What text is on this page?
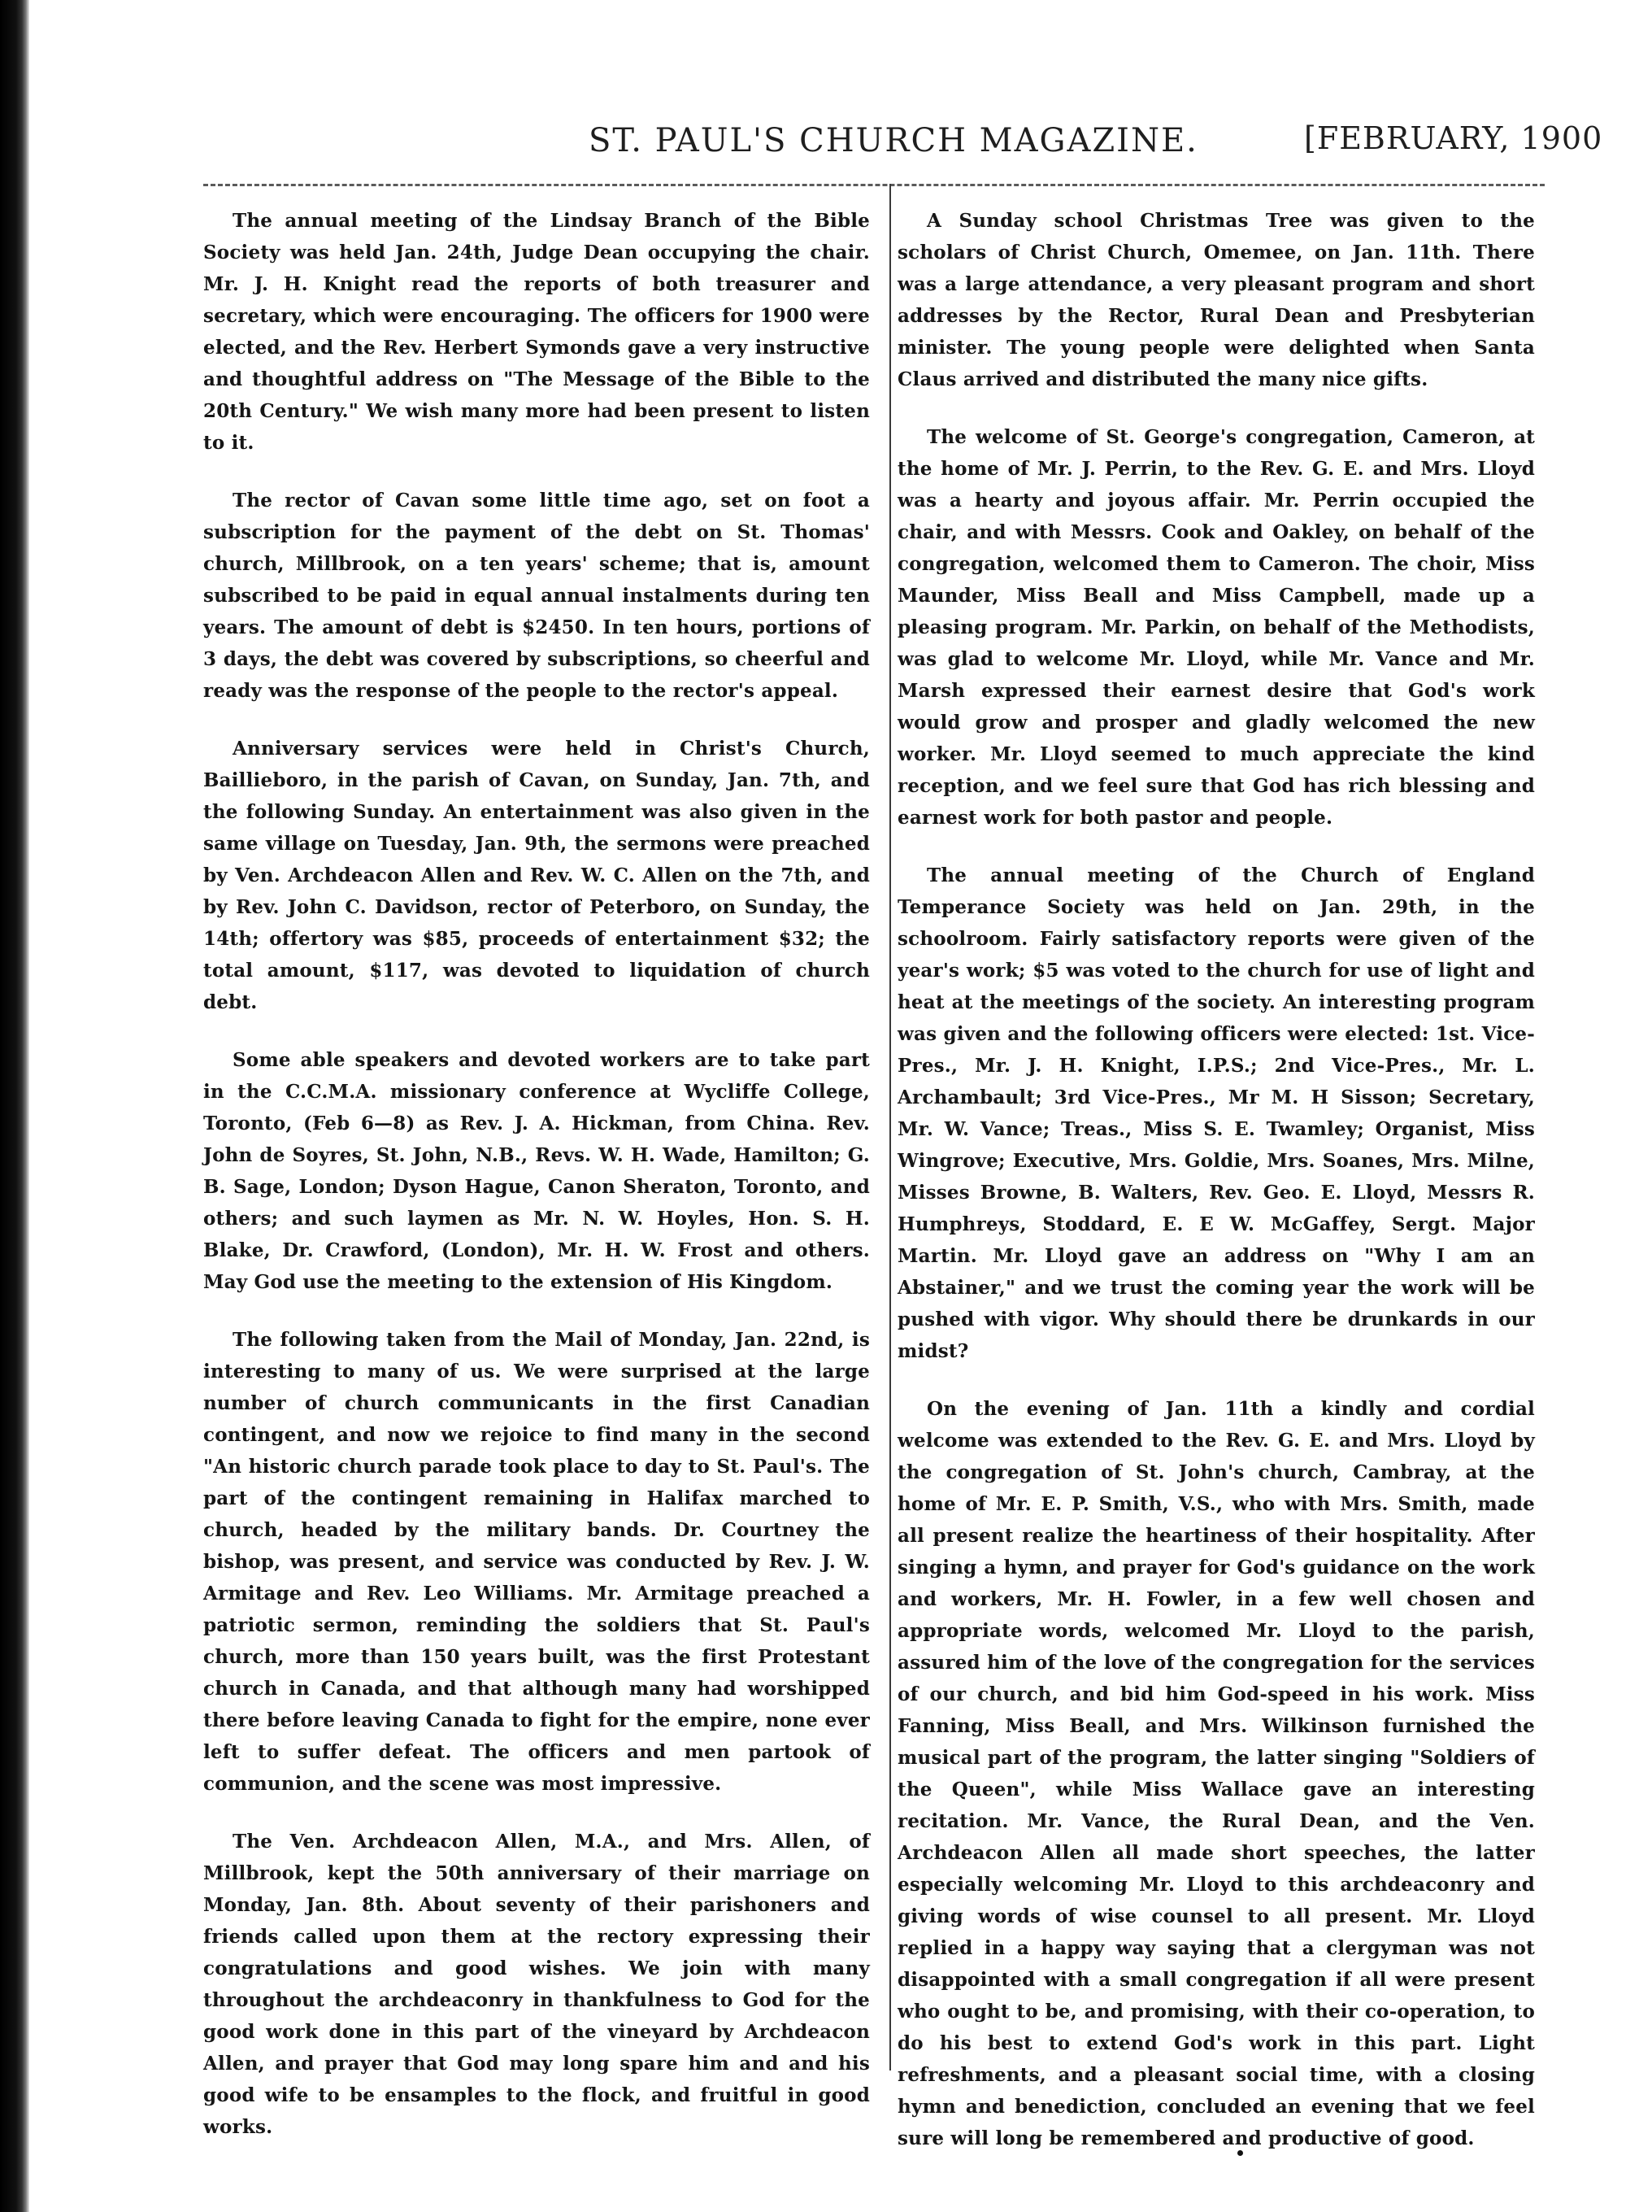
ST. PAUL'S CHURCH MAGAZINE.	[FEBRUARY, 1900

The annual meeting of the Lindsay Branch of the Bible Society was held Jan. 24th, Judge Dean occupying the chair. Mr. J. H. Knight read the reports of both treasurer and secretary, which were encouraging. The officers for 1900 were elected, and the Rev. Herbert Symonds gave a very instructive and thoughtful address on "The Message of the Bible to the 20th Century." We wish many more had been present to listen to it.

The rector of Cavan some little time ago, set on foot a subscription for the payment of the debt on St. Thomas' church, Millbrook, on a ten years' scheme; that is, amount subscribed to be paid in equal annual instalments during ten years. The amount of debt is $2450. In ten hours, portions of 3 days, the debt was covered by subscriptions, so cheerful and ready was the response of the people to the rector's appeal.

Anniversary services were held in Christ's Church, Baillieboro, in the parish of Cavan, on Sunday, Jan. 7th, and the following Sunday. An entertainment was also given in the same village on Tuesday, Jan. 9th, the sermons were preached by Ven. Archdeacon Allen and Rev. W. C. Allen on the 7th, and by Rev. John C. Davidson, rector of Peterboro, on Sunday, the 14th; offertory was $85, proceeds of entertainment $32; the total amount, $117, was devoted to liquidation of church debt.

Some able speakers and devoted workers are to take part in the C.C.M.A. missionary conference at Wycliffe College, Toronto, (Feb 6—8) as Rev. J. A. Hickman, from China. Rev. John de Soyres, St. John, N.B., Revs. W. H. Wade, Hamilton; G. B. Sage, London; Dyson Hague, Canon Sheraton, Toronto, and others; and such laymen as Mr. N. W. Hoyles, Hon. S. H. Blake, Dr. Crawford, (London), Mr. H. W. Frost and others. May God use the meeting to the extension of His Kingdom.

The following taken from the Mail of Monday, Jan. 22nd, is interesting to many of us. We were surprised at the large number of church communicants in the first Canadian contingent, and now we rejoice to find many in the second "An historic church parade took place to day to St. Paul's. The part of the contingent remaining in Halifax marched to church, headed by the military bands. Dr. Courtney the bishop, was present, and service was conducted by Rev. J. W. Armitage and Rev. Leo Williams. Mr. Armitage preached a patriotic sermon, reminding the soldiers that St. Paul's church, more than 150 years built, was the first Protestant church in Canada, and that although many had worshipped there before leaving Canada to fight for the empire, none ever left to suffer defeat. The officers and men partook of communion, and the scene was most impressive.

The Ven. Archdeacon Allen, M.A., and Mrs. Allen, of Millbrook, kept the 50th anniversary of their marriage on Monday, Jan. 8th. About seventy of their parishoners and friends called upon them at the rectory expressing their congratulations and good wishes. We join with many throughout the archdeaconry in thankfulness to God for the good work done in this part of the vineyard by Archdeacon Allen, and prayer that God may long spare him and and his good wife to be ensamples to the flock, and fruitful in good works.

A Sunday school Christmas Tree was given to the scholars of Christ Church, Omemee, on Jan. 11th. There was a large attendance, a very pleasant program and short addresses by the Rector, Rural Dean and Presbyterian minister. The young people were delighted when Santa Claus arrived and distributed the many nice gifts.

The welcome of St. George's congregation, Cameron, at the home of Mr. J. Perrin, to the Rev. G. E. and Mrs. Lloyd was a hearty and joyous affair. Mr. Perrin occupied the chair, and with Messrs. Cook and Oakley, on behalf of the congregation, welcomed them to Cameron. The choir, Miss Maunder, Miss Beall and Miss Campbell, made up a pleasing program. Mr. Parkin, on behalf of the Methodists, was glad to welcome Mr. Lloyd, while Mr. Vance and Mr. Marsh expressed their earnest desire that God's work would grow and prosper and gladly welcomed the new worker. Mr. Lloyd seemed to much appreciate the kind reception, and we feel sure that God has rich blessing and earnest work for both pastor and people.

The annual meeting of the Church of England Temperance Society was held on Jan. 29th, in the schoolroom. Fairly satisfactory reports were given of the year's work; $5 was voted to the church for use of light and heat at the meetings of the society. An interesting program was given and the following officers were elected: 1st. Vice-Pres., Mr. J. H. Knight, I.P.S.; 2nd Vice-Pres., Mr. L. Archambault; 3rd Vice-Pres., Mr M. H Sisson; Secretary, Mr. W. Vance; Treas., Miss S. E. Twamley; Organist, Miss Wingrove; Executive, Mrs. Goldie, Mrs. Soanes, Mrs. Milne, Misses Browne, B. Walters, Rev. Geo. E. Lloyd, Messrs R. Humphreys, Stoddard, E. E W. McGaffey, Sergt. Major Martin. Mr. Lloyd gave an address on "Why I am an Abstainer," and we trust the coming year the work will be pushed with vigor. Why should there be drunkards in our midst?

On the evening of Jan. 11th a kindly and cordial welcome was extended to the Rev. G. E. and Mrs. Lloyd by the congregation of St. John's church, Cambray, at the home of Mr. E. P. Smith, V.S., who with Mrs. Smith, made all present realize the heartiness of their hospitality. After singing a hymn, and prayer for God's guidance on the work and workers, Mr. H. Fowler, in a few well chosen and appropriate words, welcomed Mr. Lloyd to the parish, assured him of the love of the congregation for the services of our church, and bid him God-speed in his work. Miss Fanning, Miss Beall, and Mrs. Wilkinson furnished the musical part of the program, the latter singing "Soldiers of the Queen", while Miss Wallace gave an interesting recitation. Mr. Vance, the Rural Dean, and the Ven. Archdeacon Allen all made short speeches, the latter especially welcoming Mr. Lloyd to this archdeaconry and giving words of wise counsel to all present. Mr. Lloyd replied in a happy way saying that a clergyman was not disappointed with a small congregation if all were present who ought to be, and promising, with their co-operation, to do his best to extend God's work in this part. Light refreshments, and a pleasant social time, with a closing hymn and benediction, concluded an evening that we feel sure will long be remembered and productive of good.
